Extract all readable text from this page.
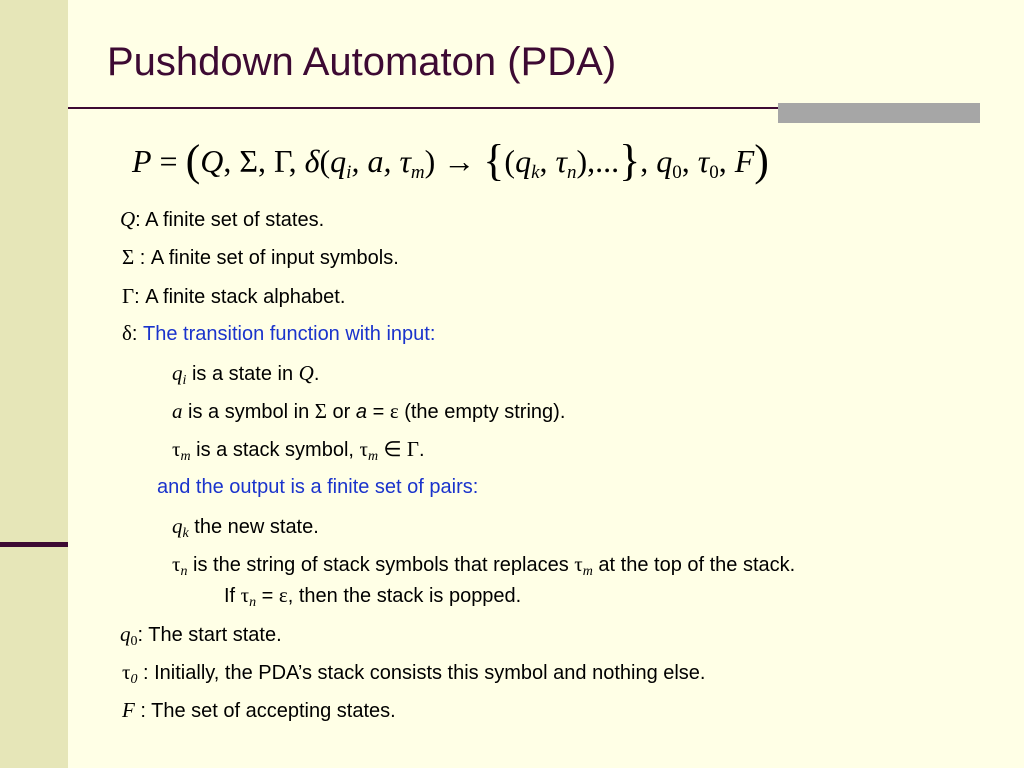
Pushdown Automaton (PDA)
P = (Q, Σ, Γ, $\delta(q_i$, a, $\tau_m) \to \{(q_k$, $\tau_n$),...}, $q_0$, $\tau_0$, F)
Q: A finite set of states.
Σ : A finite set of input symbols.
Γ: A finite stack alphabet.
δ: The transition function with input:
$q_i$ is a state in Q.
a is a symbol in Σ or a = ε (the empty string).
$\tau_m$ is a stack symbol, $\tau_m$ ∈ Γ.
and the output is a finite set of pairs:
$q_k$ the new state.
$\tau_n$ is the string of stack symbols that replaces $\tau_m$ at the top of the stack.
If $\tau_n = \varepsilon$, then the stack is popped.
$q_0$: The start state.
$\tau_0$ : Initially, the PDA’s stack consists this symbol and nothing else.
F : The set of accepting states.
